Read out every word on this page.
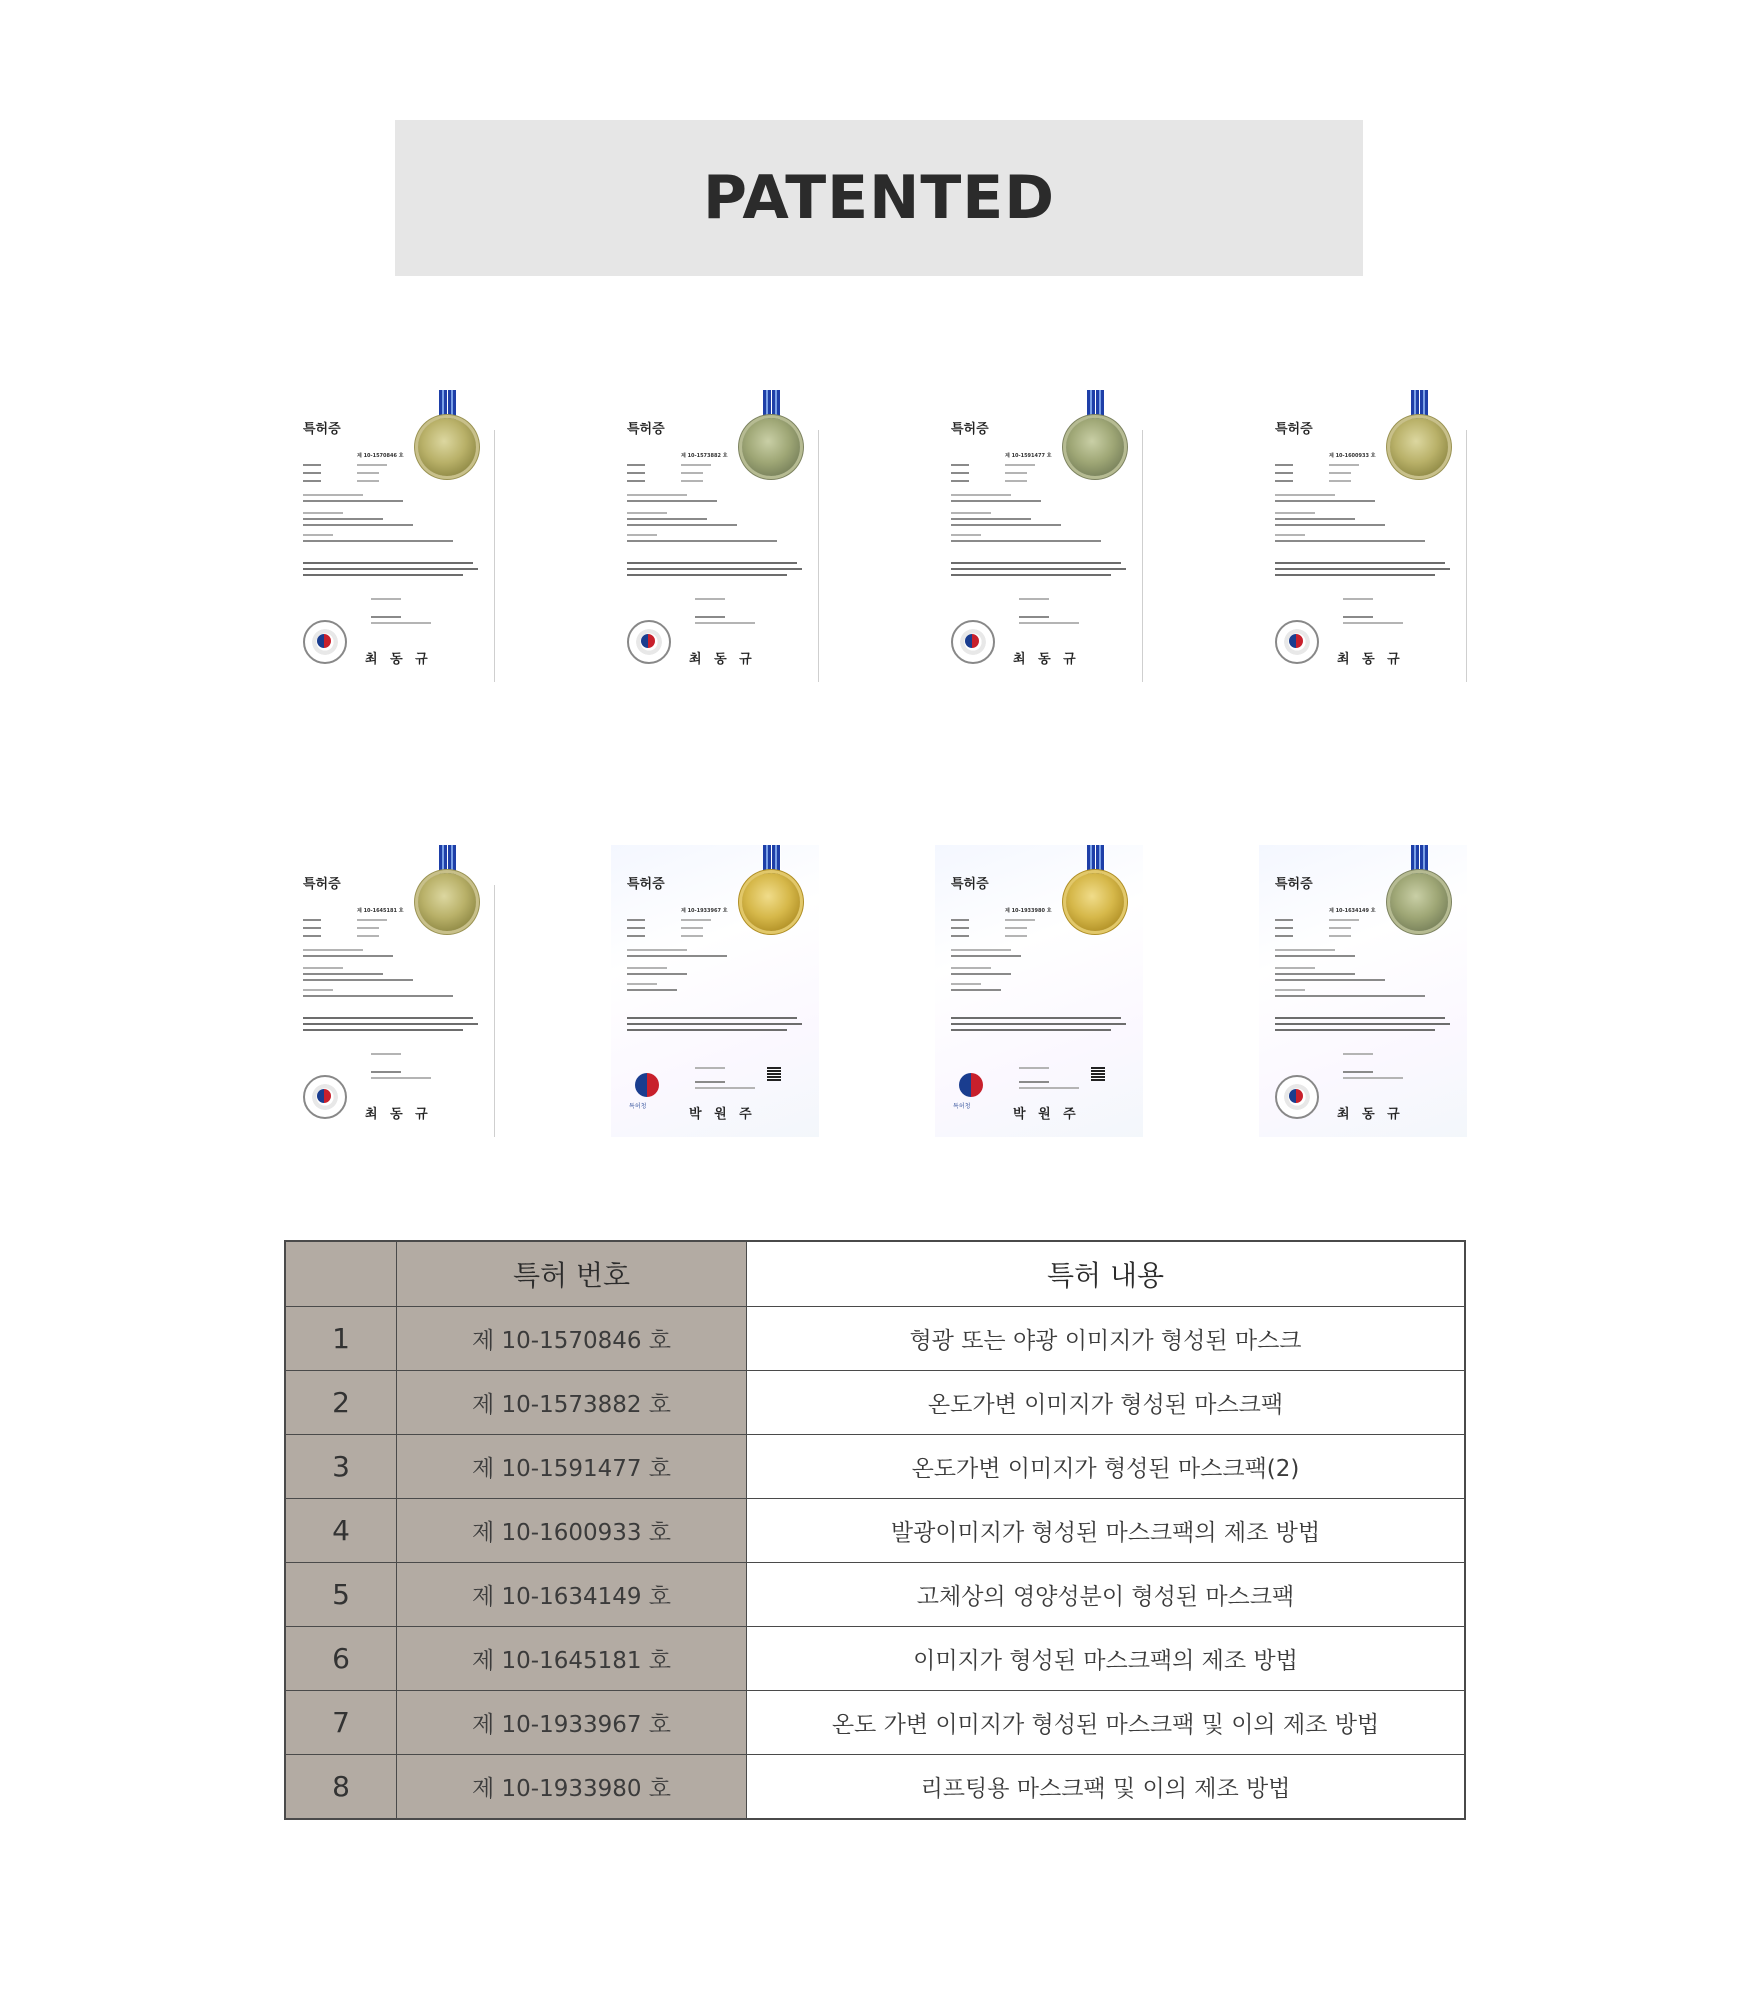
PATENTED
특허증
제 10-1570846 호
최 동 규
특허증
제 10-1573882 호
최 동 규
특허증
제 10-1591477 호
최 동 규
특허증
제 10-1600933 호
최 동 규
특허증
제 10-1645181 호
최 동 규
특허증
제 10-1933967 호
특허청
박 원 주
특허증
제 10-1933980 호
특허청
박 원 주
특허증
제 10-1634149 호
최 동 규
	특허 번호	특허 내용
1	제 10-1570846 호	형광 또는 야광 이미지가 형성된 마스크
2	제 10-1573882 호	온도가변 이미지가 형성된 마스크팩
3	제 10-1591477 호	온도가변 이미지가 형성된 마스크팩(2)
4	제 10-1600933 호	발광이미지가 형성된 마스크팩의 제조 방법
5	제 10-1634149 호	고체상의 영양성분이 형성된 마스크팩
6	제 10-1645181 호	이미지가 형성된 마스크팩의 제조 방법
7	제 10-1933967 호	온도 가변 이미지가 형성된 마스크팩 및 이의 제조 방법
8	제 10-1933980 호	리프팅용 마스크팩 및 이의 제조 방법
